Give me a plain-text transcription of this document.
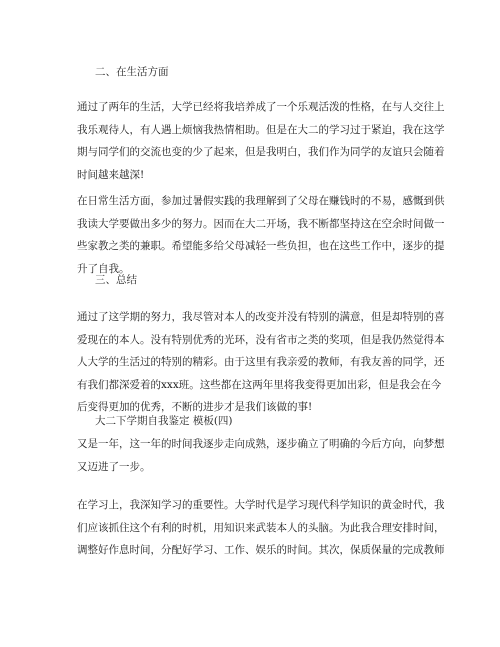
二、在生活方面
通过了两年的生活，大学已经将我培养成了一个乐观活泼的性格，在与人交往上
我乐观待人，有人遇上烦恼我热情相助。但是在大二的学习过于紧迫，我在这学
期与同学们的交流也变的少了起来，但是我明白，我们作为同学的友谊只会随着
时间越来越深!
在日常生活方面，参加过暑假实践的我理解到了父母在赚钱时的不易，感慨到供
我读大学要做出多少的努力。因而在大二开场，我不断都坚持这在空余时间做一
些家教之类的兼职。希望能多给父母减轻一些负担，也在这些工作中，逐步的提
升了自我。
三、总结
通过了这学期的努力，我尽管对本人的改变并没有特别的满意，但是却特别的喜
爱现在的本人。没有特别优秀的光环，没有省市之类的奖项，但是我仍然觉得本
人大学的生活过的特别的精彩。由于这里有我亲爱的教师，有我友善的同学，还
有我们都深爱着的xxx班。这些都在这两年里将我变得更加出彩，但是我会在今
后变得更加的优秀，不断的进步才是我们该做的事!
大二下学期自我鉴定 模板(四)
又是一年，这一年的时间我逐步走向成熟，逐步确立了明确的今后方向，向梦想
又迈进了一步。
在学习上，我深知学习的重要性。大学时代是学习现代科学知识的黄金时代，我
们应该抓住这个有利的时机，用知识来武装本人的头脑。为此我合理安排时间，
调整好作息时间，分配好学习、工作、娱乐的时间。其次，保质保量的完成教师
